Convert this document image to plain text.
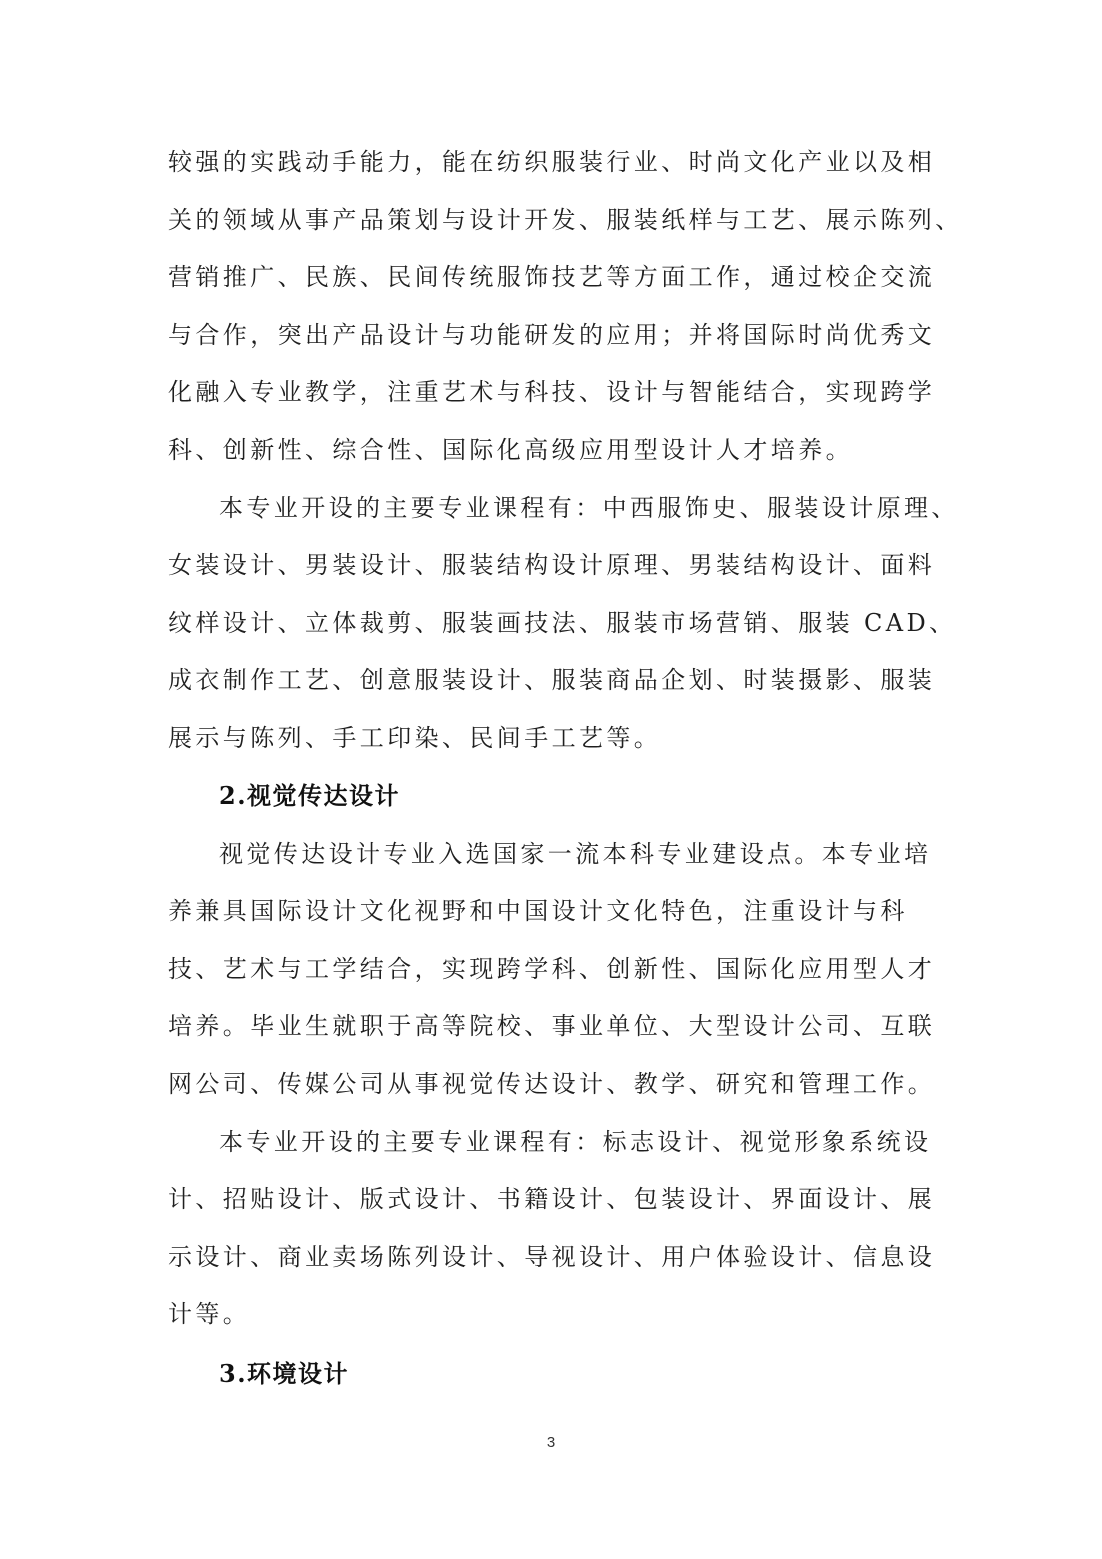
较强的实践动手能力，能在纺织服装行业、时尚文化产业以及相
关的领域从事产品策划与设计开发、服装纸样与工艺、展示陈列、
营销推广、民族、民间传统服饰技艺等方面工作，通过校企交流
与合作，突出产品设计与功能研发的应用；并将国际时尚优秀文
化融入专业教学，注重艺术与科技、设计与智能结合，实现跨学
科、创新性、综合性、国际化高级应用型设计人才培养。
本专业开设的主要专业课程有：中西服饰史、服装设计原理、
女装设计、男装设计、服装结构设计原理、男装结构设计、面料
纹样设计、立体裁剪、服装画技法、服装市场营销、服装 CAD、
成衣制作工艺、创意服装设计、服装商品企划、时装摄影、服装
展示与陈列、手工印染、民间手工艺等。
2.视觉传达设计
视觉传达设计专业入选国家一流本科专业建设点。本专业培
养兼具国际设计文化视野和中国设计文化特色，注重设计与科
技、艺术与工学结合，实现跨学科、创新性、国际化应用型人才
培养。毕业生就职于高等院校、事业单位、大型设计公司、互联
网公司、传媒公司从事视觉传达设计、教学、研究和管理工作。
本专业开设的主要专业课程有：标志设计、视觉形象系统设
计、招贴设计、版式设计、书籍设计、包装设计、界面设计、展
示设计、商业卖场陈列设计、导视设计、用户体验设计、信息设
计等。
3.环境设计
3
